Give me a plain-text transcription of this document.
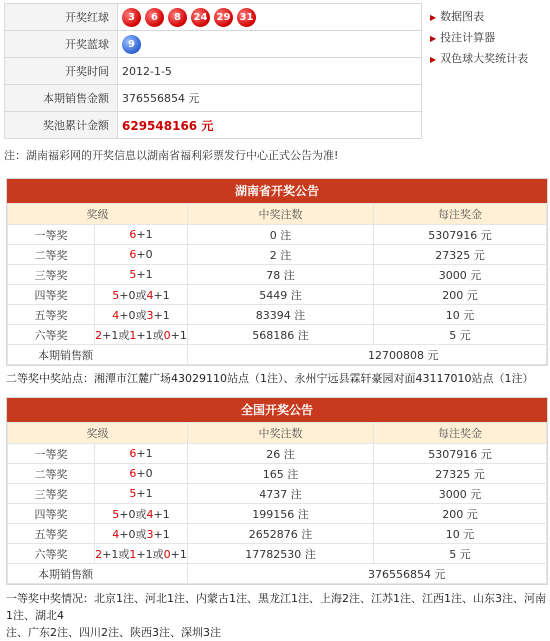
开奖红球	3 6 8 24 29 31
开奖蓝球	9
开奖时间	2012-1-5
本期销售金额	376556854 元
奖池累计金额	629548166 元
▶ 数据图表
▶ 投注计算器
▶ 双色球大奖统计表
注：湖南福彩网的开奖信息以湖南省福利彩票发行中心正式公告为准!
湖南省开奖公告
奖级		中奖注数	每注奖金
一等奖	6+1	0 注	5307916 元
二等奖	6+0	2 注	27325 元
三等奖	5+1	78 注	3000 元
四等奖	5+0或4+1	5449 注	200 元
五等奖	4+0或3+1	83394 注	10 元
六等奖	2+1或1+1或0+1	568186 注	5 元
本期销售额		12700808 元	
二等奖中奖站点：湘潭市江麓广场43029110站点（1注）、永州宁远县霖轩豪园对面43117010站点（1注）
全国开奖公告
奖级		中奖注数	每注奖金
一等奖	6+1	26 注	5307916 元
二等奖	6+0	165 注	27325 元
三等奖	5+1	4737 注	3000 元
四等奖	5+0或4+1	199156 注	200 元
五等奖	4+0或3+1	2652876 注	10 元
六等奖	2+1或1+1或0+1	17782530 注	5 元
本期销售额		376556854 元	
一等奖中奖情况：北京1注、河北1注、内蒙古1注、黑龙江1注、上海2注、江苏1注、江西1注、山东3注、河南1注、湖北4
注、广东2注、四川2注、陕西3注、深圳3注
